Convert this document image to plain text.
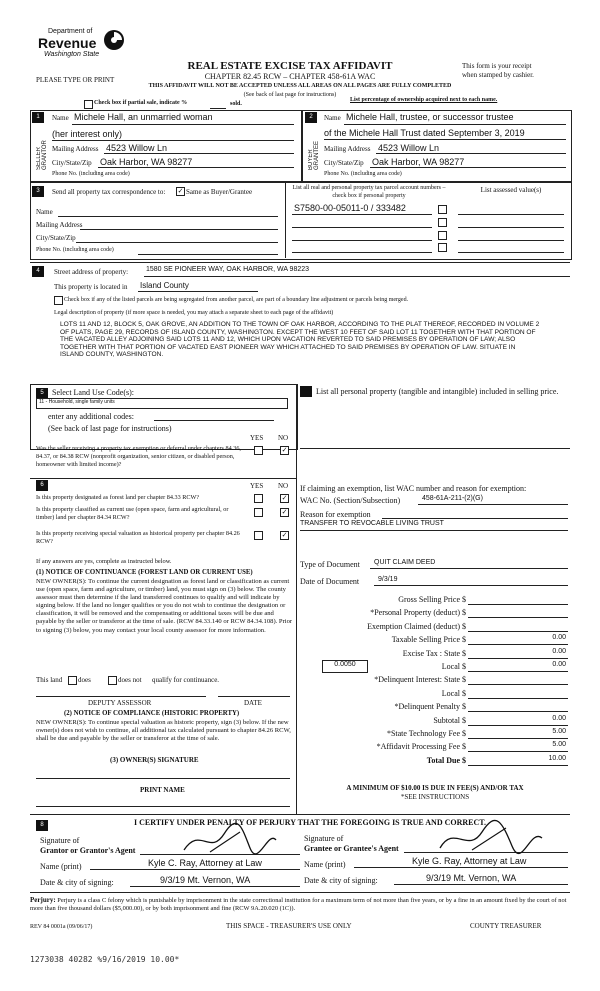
Department of
Revenue
Washington State
PLEASE TYPE OR PRINT
REAL ESTATE EXCISE TAX AFFIDAVIT
CHAPTER 82.45 RCW – CHAPTER 458-61A WAC
This form is your receipt
when stamped by cashier.
THIS AFFIDAVIT WILL NOT BE ACCEPTED UNLESS ALL AREAS ON ALL PAGES ARE FULLY COMPLETED
(See back of last page for instructions)
Check box if partial sale, indicate %	sold.
List percentage of ownership acquired next to each name.
1
SELLER GRANTOR
Name Michele Hall, an unmarried woman
(her interest only)
Mailing Address 4523 Willow Ln
City/State/Zip Oak Harbor, WA 98277
Phone No. (including area code)
2
BUYER GRANTEE
Name Michele Hall, trustee, or successor trustee
of the Michele Hall Trust dated September 3, 2019
Mailing Address 4523 Willow Ln
City/State/Zip Oak Harbor, WA 98277
Phone No. (including area code)
3	Send all property tax correspondence to: ✓ Same as Buyer/Grantee
Name
Mailing Address
City/State/Zip
Phone No. (including area code)
List all real and personal property tax parcel account numbers – check box if personal property
List assessed value(s)
S7580-00-05011-0 / 333482
4	Street address of property:	1580 SE PIONEER WAY, OAK HARBOR, WA 98223
This property is located in Island County
Check box if any of the listed parcels are being segregated from another parcel, are part of a boundary line adjustment or parcels being merged.
Legal description of property (if more space is needed, you may attach a separate sheet to each page of the affidavit)
LOTS 11 AND 12, BLOCK 5, OAK GROVE, AN ADDITION TO THE TOWN OF OAK HARBOR, ACCORDING TO THE PLAT THEREOF, RECORDED IN VOLUME 2 OF PLATS, PAGE 29, RECORDS OF ISLAND COUNTY, WASHINGTON. EXCEPT THE WEST 10 FEET OF SAID LOT 11 TOGETHER WITH THAT PORTION OF THE VACATED ALLEY ADJOINING SAID LOTS 11 AND 12, WHICH UPON VACATION REVERTED TO SAID PREMISES BY OPERATION OF LAW; ALSO TOGETHER WITH THAT PORTION OF VACATED EAST PIONEER WAY WHICH ATTACHED TO SAID PREMISES BY OPERATION OF LAW. SITUATE IN ISLAND COUNTY, WASHINGTON.
5	Select Land Use Code(s):
11 - Household, single family units
enter any additional codes:
(See back of last page for instructions)
YES NO
Was the seller receiving a property tax exemption or deferral under chapters 84.36, 84.37, or 84.38 RCW (nonprofit organization, senior citizen, or disabled person, homeowner with limited income)?
✓
6	YES NO
Is this property designated as forest land per chapter 84.33 RCW?	✓
Is this property classified as current use (open space, farm and agricultural, or timber) land per chapter 84.34 RCW?
✓
Is this property receiving special valuation as historical property per chapter 84.26 RCW?
✓
If any answers are yes, complete as instructed below.
(1) NOTICE OF CONTINUANCE (FOREST LAND OR CURRENT USE)
NEW OWNER(S): To continue the current designation as forest land or classification as current use (open space, farm and agriculture, or timber) land, you must sign on (3) below. The county assessor must then determine if the land transferred continues to qualify and will indicate by signing below. If the land no longer qualifies or you do not wish to continue the designation or classification, it will be removed and the compensating or additional taxes will be due and payable by the seller or transferor at the time of sale. (RCW 84.33.140 or RCW 84.34.108). Prior to signing (3) below, you may contact your local county assessor for more information.
This land does	does not qualify for continuance.
DEPUTY ASSESSOR	DATE
(2) NOTICE OF COMPLIANCE (HISTORIC PROPERTY)
NEW OWNER(S): To continue special valuation as historic property, sign (3) below. If the new owner(s) does not wish to continue, all additional tax calculated pursuant to chapter 84.26 RCW, shall be due and payable by the seller or transferor at the time of sale.
(3) OWNER(S) SIGNATURE
PRINT NAME
List all personal property (tangible and intangible) included in selling price.
If claiming an exemption, list WAC number and reason for exemption:
WAC No. (Section/Subsection)	458-61A-211-(2)(G)
Reason for exemption
TRANSFER TO REVOCABLE LIVING TRUST
Type of Document QUIT CLAIM DEED
Date of Document	9/3/19
0.0050
A MINIMUM OF $10.00 IS DUE IN FEE(S) AND/OR TAX
*SEE INSTRUCTIONS
8	I CERTIFY UNDER PENALTY OF PERJURY THAT THE FOREGOING IS TRUE AND CORRECT.
Signature of
Grantor or Grantor's Agent
Name (print)	Kyle C. Ray, Attorney at Law
Date & city of signing:	9/3/19 Mt. Vernon, WA
Signature of
Grantee or Grantee's Agent
Name (print)	Kyle G. Ray, Attorney at Law
Date & city of signing:	9/3/19 Mt. Vernon, WA
Perjury: Perjury is a class C felony which is punishable by imprisonment in the state correctional institution for a maximum term of not more than five years, or by a fine in an amount fixed by the court of not more than five thousand dollars ($5,000.00), or by both imprisonment and fine (RCW 9A.20.020 (1C)).
REV 84 0001a (09/06/17)	THIS SPACE - TREASURER'S USE ONLY	COUNTY TREASURER
1273038 40282 %9/16/2019 10.00*
Gross Selling Price $
*Personal Property (deduct) $
Exemption Claimed (deduct) $
Taxable Selling Price $	0.00
Excise Tax : State $	0.00
Local $	0.00
*Delinquent Interest: State $
Local $
*Delinquent Penalty $
Subtotal $	0.00
*State Technology Fee $	5.00
*Affidavit Processing Fee $	5.00
Total Due $	10.00
